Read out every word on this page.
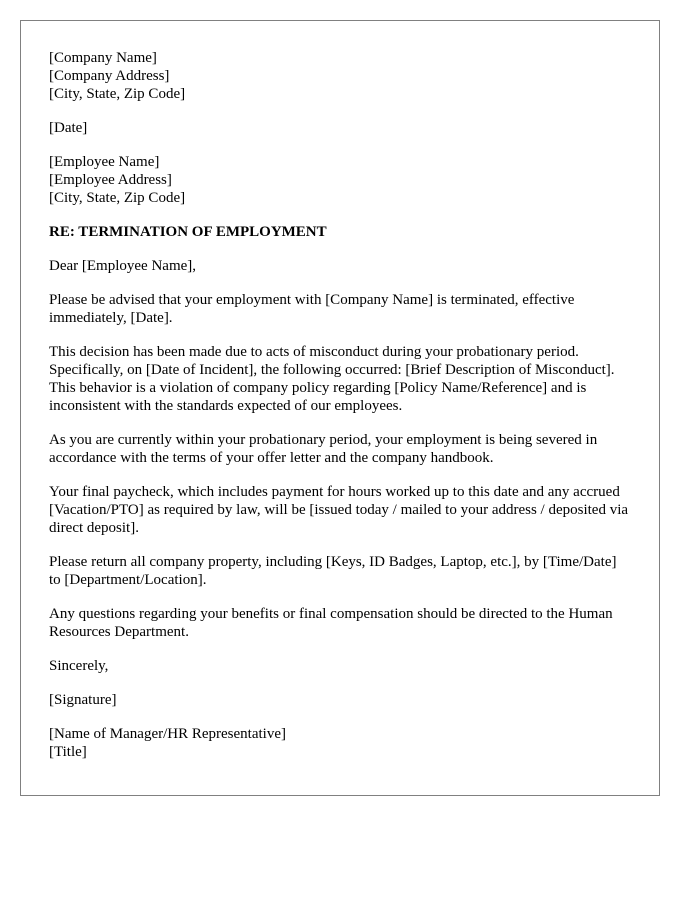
[Company Name]
[Company Address]
[City, State, Zip Code]
[Date]
[Employee Name]
[Employee Address]
[City, State, Zip Code]
RE: TERMINATION OF EMPLOYMENT
Dear [Employee Name],

Please be advised that your employment with [Company Name] is terminated, effective immediately, [Date].

This decision has been made due to acts of misconduct during your probationary period. Specifically, on [Date of Incident], the following occurred: [Brief Description of Misconduct]. This behavior is a violation of company policy regarding [Policy Name/Reference] and is inconsistent with the standards expected of our employees.

As you are currently within your probationary period, your employment is being severed in accordance with the terms of your offer letter and the company handbook.

Your final paycheck, which includes payment for hours worked up to this date and any accrued [Vacation/PTO] as required by law, will be [issued today / mailed to your address / deposited via direct deposit].

Please return all company property, including [Keys, ID Badges, Laptop, etc.], by [Time/Date] to [Department/Location].

Any questions regarding your benefits or final compensation should be directed to the Human Resources Department.

Sincerely,
[Signature]
[Name of Manager/HR Representative]
[Title]
